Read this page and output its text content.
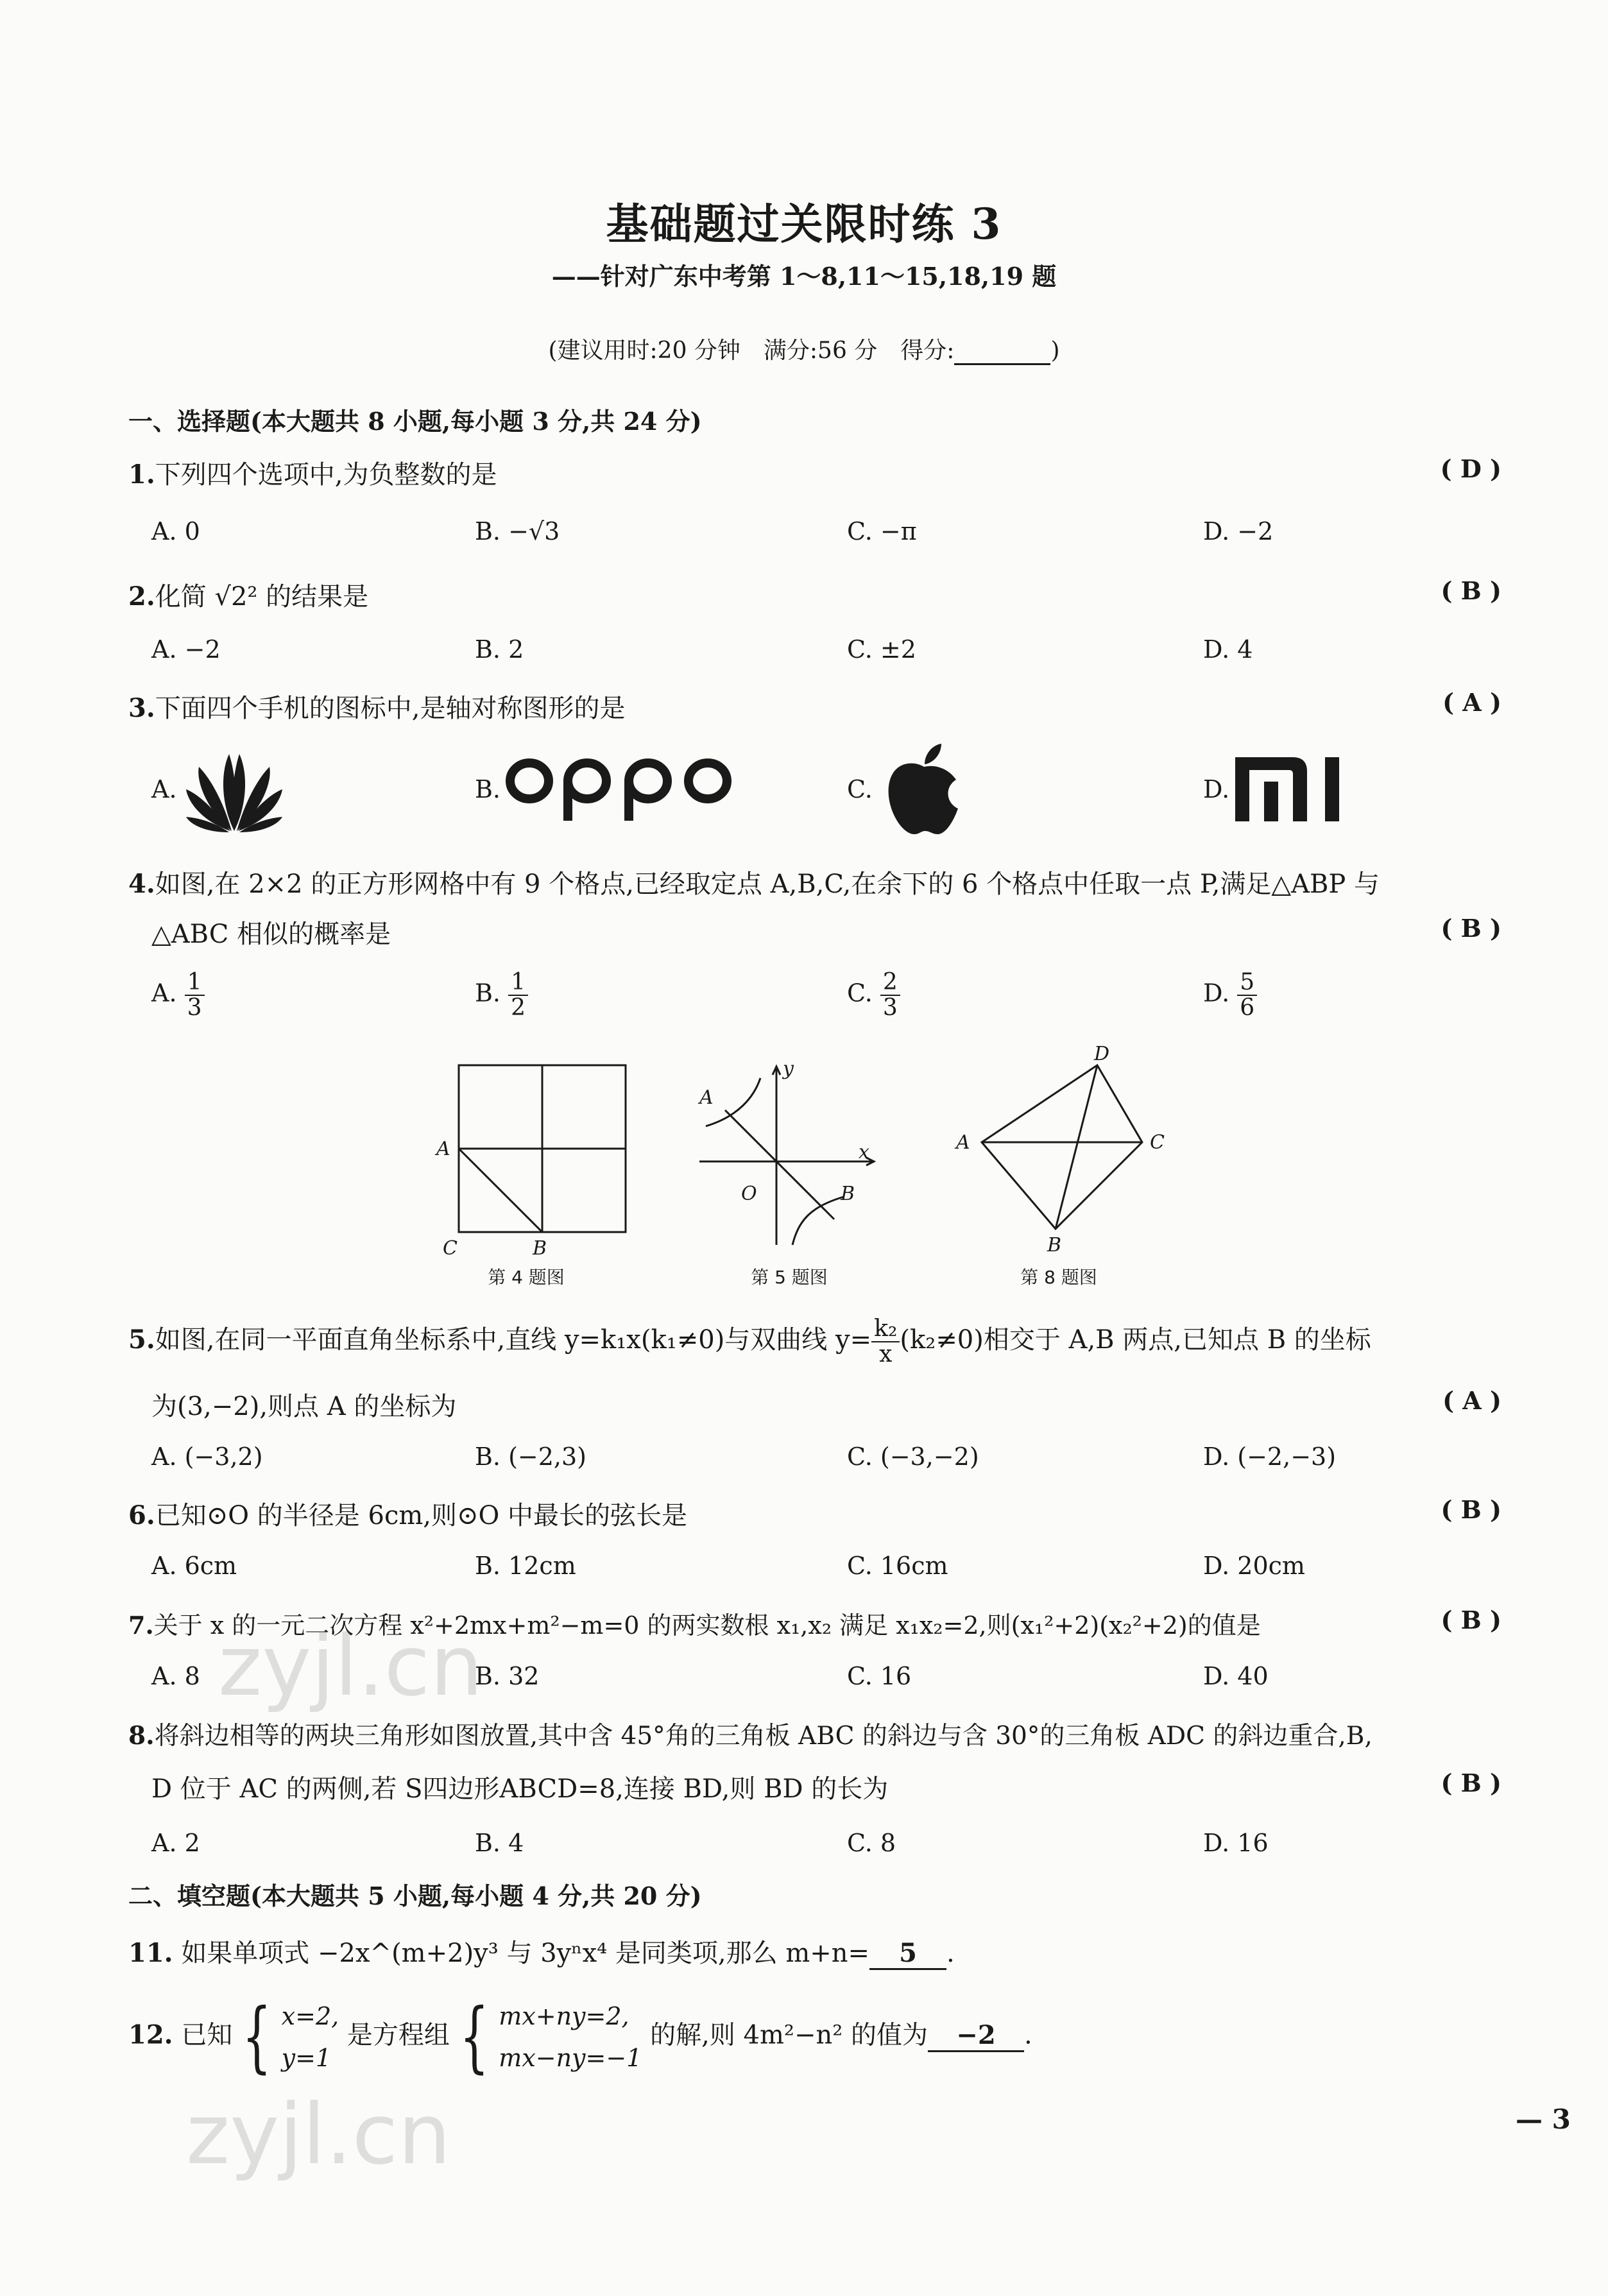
基础题过关限时练 3
——针对广东中考第 1～8,11～15,18,19 题
(建议用时:20 分钟　满分:56 分　得分:	)
一、选择题(本大题共 8 小题,每小题 3 分,共 24 分)
1.下列四个选项中,为负整数的是	( D )
A. 0	B. −√3	C. −π	D. −2
2.化简 √2² 的结果是	( B )
A. −2	B. 2	C. ±2	D. 4
3.下面四个手机的图标中,是轴对称图形的是	( A )
A.	B.	C.	D.
4.如图,在 2×2 的正方形网格中有 9 个格点,已经取定点 A,B,C,在余下的 6 个格点中任取一点 P,满足△ABP 与
△ABC 相似的概率是	( B )
A. $\frac{1}{3}$	B. $\frac{1}{2}$	C. $\frac{2}{3}$	D. $\frac{5}{6}$
A
C	B
第 4 题图
y
x
A
O	B
第 5 题图
D
A	C
B
第 8 题图
5.如图,在同一平面直角坐标系中,直线 y=k₁x(k₁≠0)与双曲线 $y= \frac{\text{k₂}}{x} (k_2\ne 0)$相交于 A,B 两点,已知点 B 的坐标
为(3,−2),则点 A 的坐标为	( A )
A. (−3,2)	B. (−2,3)	C. (−3,−2)	D. (−2,−3)
6.已知⊙O 的半径是 6cm,则⊙O 中最长的弦长是	( B )
A. 6cm	B. 12cm	C. 16cm	D. 20cm
7.关于 x 的一元二次方程 x²+2mx+m²−m=0 的两实数根 x₁,x₂ 满足 x₁x₂=2,则(x₁²+2)(x₂²+2)的值是	( B )
A. 8	B. 32	C. 16	D. 40
8.将斜边相等的两块三角形如图放置,其中含 45°角的三角板 ABC 的斜边与含 30°的三角板 ADC 的斜边重合,B,
D 位于 AC 的两侧,若 S四边形ABCD=8,连接 BD,则 BD 的长为	( B )
A. 2	B. 4	C. 8	D. 16
二、填空题(本大题共 5 小题,每小题 4 分,共 20 分)
11. 如果单项式 −2x^(m+2)y³ 与 3yⁿx⁴ 是同类项,那么 m+n= 5 .
12. 已知 { x=2,
y=1 是方程组 { mx+ny=2,
mx−ny=−1 的解,则 4m²−n² 的值为 −2 .
— 3
zyjl.cn
zyjl.cn
